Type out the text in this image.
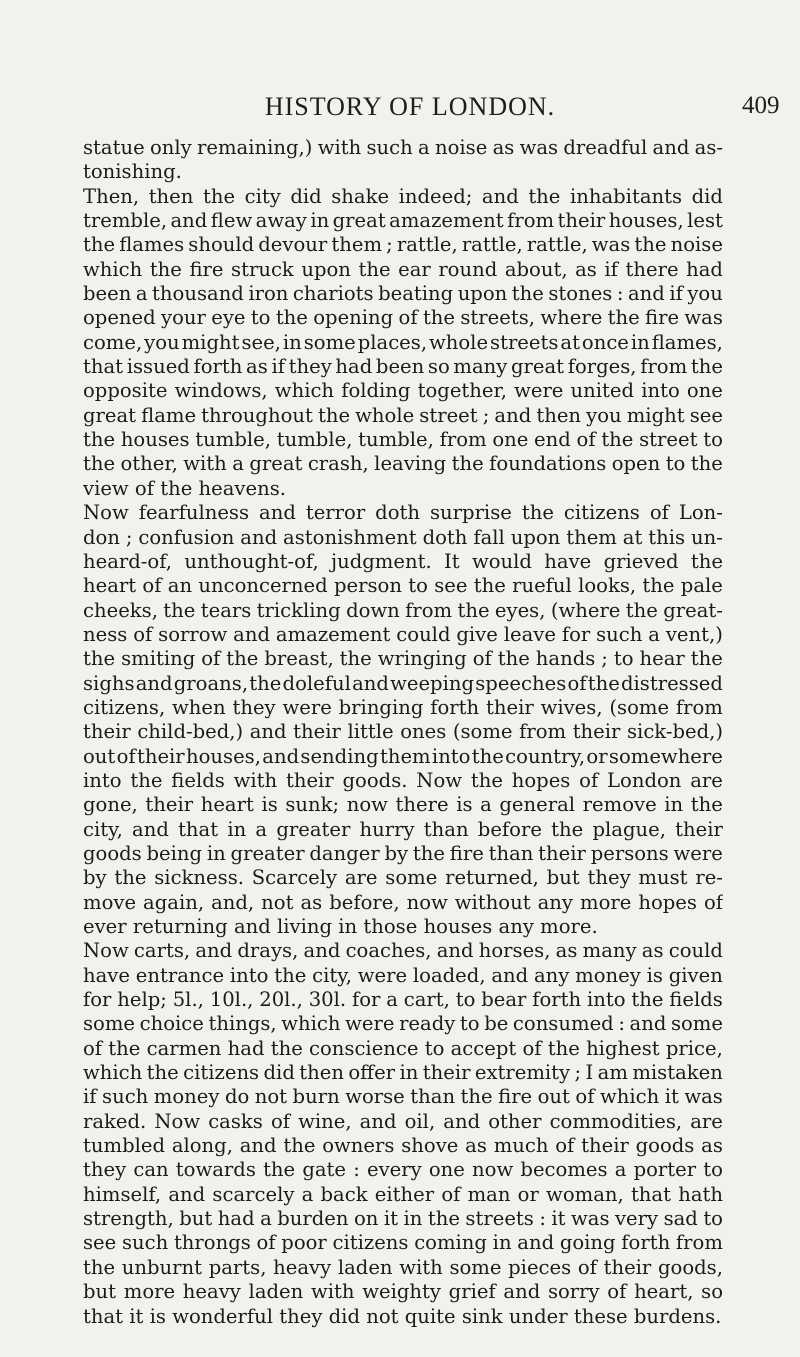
HISTORY OF LONDON.	409
statue only remaining,) with such a noise as was dreadful and as-
tonishing.
Then, then the city did shake indeed; and the inhabitants did
tremble, and flew away in great amazement from their houses, lest
the flames should devour them ; rattle, rattle, rattle, was the noise
which the fire struck upon the ear round about, as if there had
been a thousand iron chariots beating upon the stones : and if you
opened your eye to the opening of the streets, where the fire was
come, you might see, in some places, whole streets at once in flames,
that issued forth as if they had been so many great forges, from the
opposite windows, which folding together, were united into one
great flame throughout the whole street ; and then you might see
the houses tumble, tumble, tumble, from one end of the street to
the other, with a great crash, leaving the foundations open to the
view of the heavens.
Now fearfulness and terror doth surprise the citizens of Lon-
don ; confusion and astonishment doth fall upon them at this un-
heard-of, unthought-of, judgment. It would have grieved the
heart of an unconcerned person to see the rueful looks, the pale
cheeks, the tears trickling down from the eyes, (where the great-
ness of sorrow and amazement could give leave for such a vent,)
the smiting of the breast, the wringing of the hands ; to hear the
sighs and groans, the doleful and weeping speeches of the distressed
citizens, when they were bringing forth their wives, (some from
their child-bed,) and their little ones (some from their sick-bed,)
out of their houses, and sending them into the country, or somewhere
into the fields with their goods. Now the hopes of London are
gone, their heart is sunk; now there is a general remove in the
city, and that in a greater hurry than before the plague, their
goods being in greater danger by the fire than their persons were
by the sickness. Scarcely are some returned, but they must re-
move again, and, not as before, now without any more hopes of
ever returning and living in those houses any more.
Now carts, and drays, and coaches, and horses, as many as could
have entrance into the city, were loaded, and any money is given
for help; 5l., 10l., 20l., 30l. for a cart, to bear forth into the fields
some choice things, which were ready to be consumed : and some
of the carmen had the conscience to accept of the highest price,
which the citizens did then offer in their extremity ; I am mistaken
if such money do not burn worse than the fire out of which it was
raked. Now casks of wine, and oil, and other commodities, are
tumbled along, and the owners shove as much of their goods as
they can towards the gate : every one now becomes a porter to
himself, and scarcely a back either of man or woman, that hath
strength, but had a burden on it in the streets : it was very sad to
see such throngs of poor citizens coming in and going forth from
the unburnt parts, heavy laden with some pieces of their goods,
but more heavy laden with weighty grief and sorry of heart, so
that it is wonderful they did not quite sink under these burdens.
